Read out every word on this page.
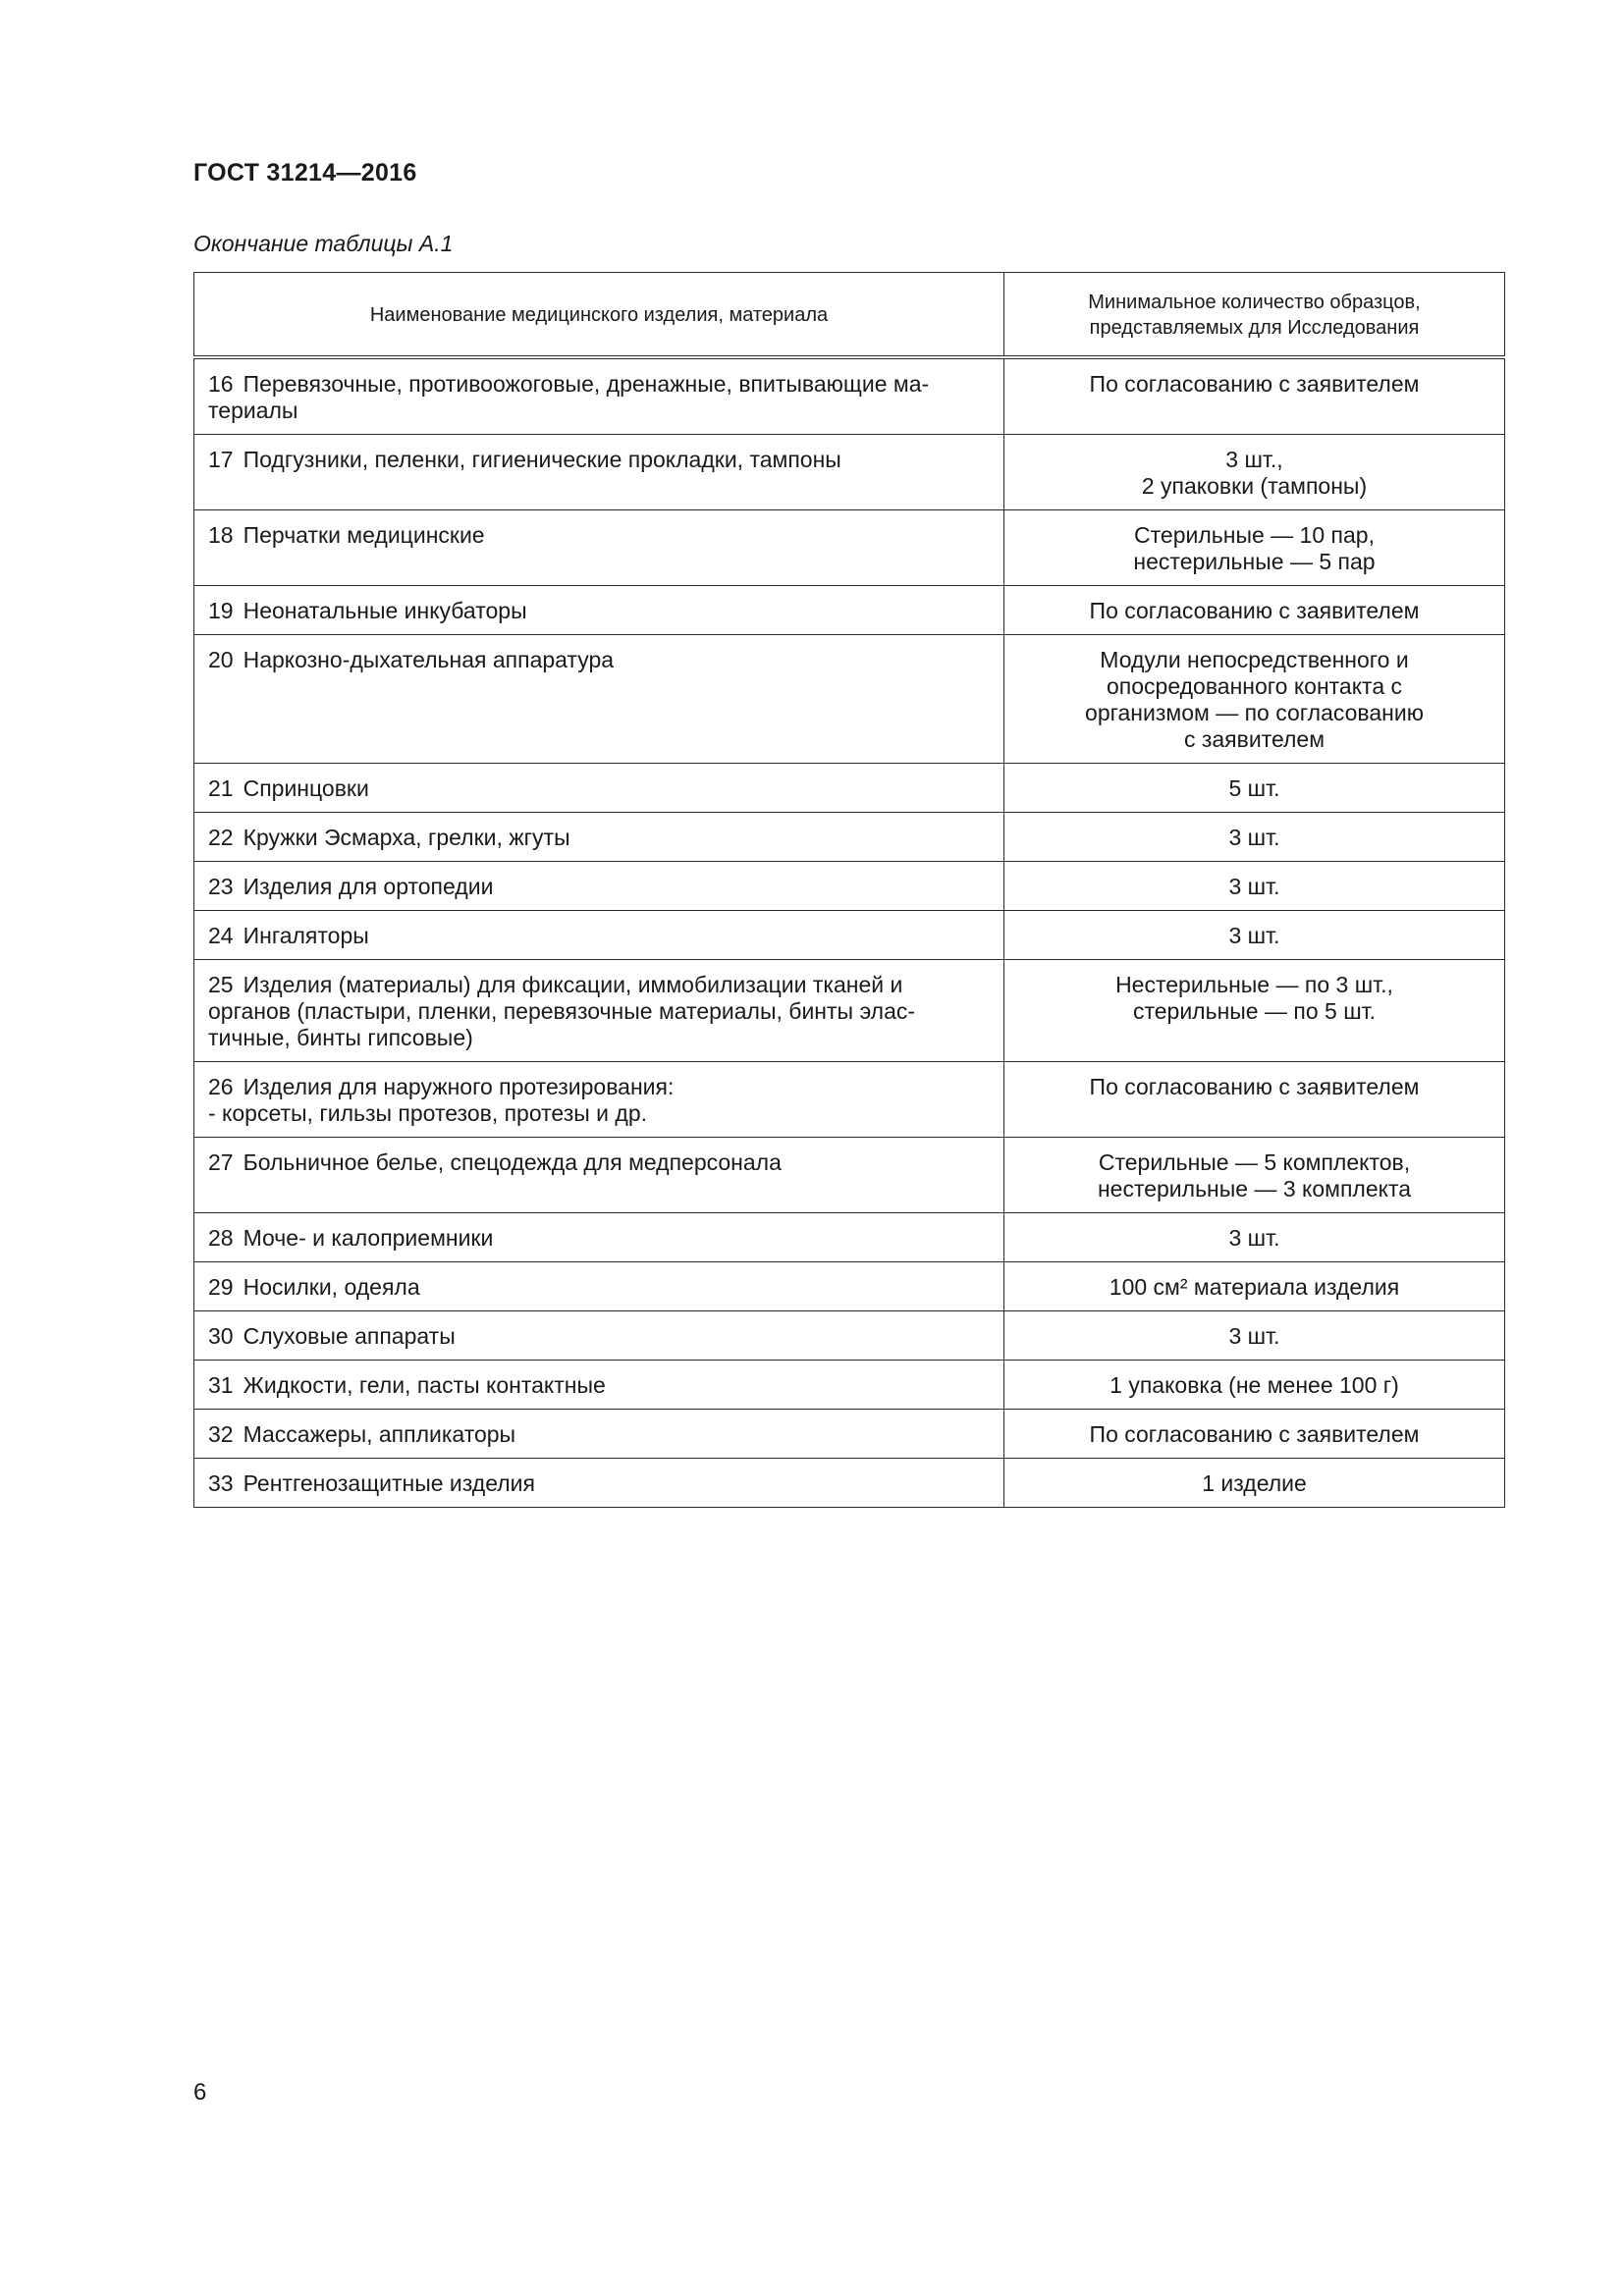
ГОСТ 31214—2016
Окончание таблицы А.1
Наименование медицинского изделия, материала	Минимальное количество образцов, представляемых для Исследования
16 Перевязочные, противоожоговые, дренажные, впитывающие ма-
териалы	По согласованию с заявителем

17 Подгузники, пеленки, гигиенические прокладки, тампоны	3 шт.,
2 упаковки (тампоны)

18 Перчатки медицинские	Стерильные — 10 пар,
нестерильные — 5 пар

19 Неонатальные инкубаторы	По согласованию с заявителем

20 Наркозно-дыхательная аппаратура	Модули непосредственного и
опосредованного контакта с
организмом — по согласованию
с заявителем

21 Спринцовки	5 шт.

22 Кружки Эсмарха, грелки, жгуты	3 шт.

23 Изделия для ортопедии	3 шт.

24 Ингаляторы	3 шт.

25 Изделия (материалы) для фиксации, иммобилизации тканей и
органов (пластыри, пленки, перевязочные материалы, бинты элас-
тичные, бинты гипсовые)	Нестерильные — по 3 шт.,
стерильные — по 5 шт.

26 Изделия для наружного протезирования:
- корсеты, гильзы протезов, протезы и др.	По согласованию с заявителем

27 Больничное белье, спецодежда для медперсонала	Стерильные — 5 комплектов,
нестерильные — 3 комплекта

28 Моче- и калоприемники	3 шт.

29 Носилки, одеяла	100 см² материала изделия

30 Слуховые аппараты	3 шт.

31 Жидкости, гели, пасты контактные	1 упаковка (не менее 100 г)

32 Массажеры, аппликаторы	По согласованию с заявителем

33 Рентгенозащитные изделия	1 изделие
6
